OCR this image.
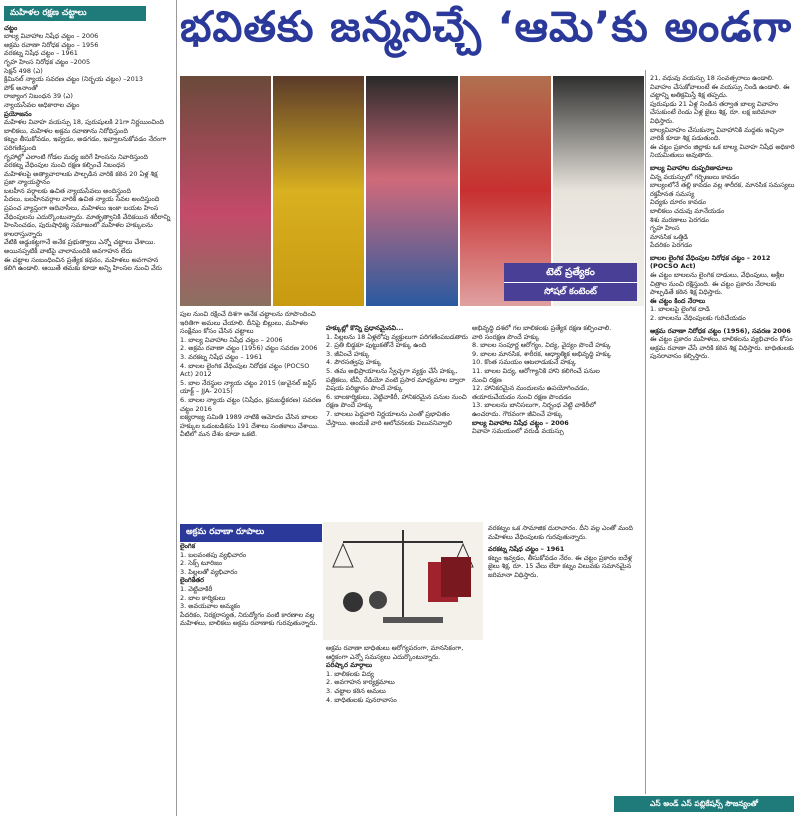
మహిళల రక్షణ చట్టాలు
చట్టం
బాల్య వివాహాల నిషేధ చట్టం – 2006
అక్రమ రవాణా నిరోధక చట్టం – 1956
వరకట్న నిషేధ చట్టం – 1961
గృహ హింస నిరోధక చట్టం –2005
సెక్షన్ 498 (ఎ)
క్రిమినల్ న్యాయ సవరణ చట్టం (నిర్భయ చట్టం) –2013
పోక్ అనాంతో
రాజ్యాంగ నిబంధన 39 (ఎ)
న్యాయసేవల అధికారాల చట్టం
ప్రయోజనం
మహిళల వివాహ వయస్సు 18, పురుషులకి 21గా నిర్ణయించింది
బాలికలు, మహిళల అక్రమ రవాణాను నిరోధిస్తుంది
కట్నం తీసుకోవడం, ఇవ్వడం, అడగడం, ఇవ్వాలనుకోవడం నేరంగా పరిగణిస్తుంది
గృహాల్లో ఎలాంటి గోడల మధ్య జరిగే హింసను నివారిస్తుంది
వరకట్న వేధింపుల నుంచి రక్షణ కల్పించే నిబంధన
మహిళలపై అత్యాచారాలకు పాల్పడిన వారికి కఠిన 20 ఏళ్ల శిక్ష
ప్రజా న్యాయస్థానం
బలహీన వర్గాలకు ఉచిత న్యాయసేవలు అందిస్తుంది
పేదలు, బలహీనవర్గాల వారికి ఉచిత న్యాయ సేవల అందిస్తుంది
ప్రపంచ వ్యాప్తంగా ఆదివాసీలు, మహిళలు ఇంకా బయట హింస వేధింపులను ఎదుర్కొంటున్నారు. మాతృత్వానికి వేదికయిన శరీరాన్ని హింసించడం, పురుషాధిక్య సమాజంలో మహిళల హక్కులను కాలరాస్తున్నారు
వేటికి అడ్డుకట్టగానే అనేక ప్రభుత్వాలు ఎన్నో చట్టాలు చేశాయి. అయినప్పటికీ వాటిపై చాలామందికి అవగాహన లేదు
ఈ చట్టాల సంబంధించిన ప్రత్యేక కథనం, మహిళలు అవగాహన కలిగి ఉండాలి. ఆయితే తమకు కూడా అన్ని హింసల నుంచి వేరు
భవితకు జన్మనిచ్చే ‘ఆమె’కు అండగా
టెట్ ప్రత్యేకం
సోషల్ కంటెంట్
పుల నుంచి రక్షించే దిశగా అనేక చట్టాలను రూపొందించి ఇరితిగా అమలు చేయాలి. దీనిపై బిల్లులు, మహిళల సంక్షేమం కోసం చేసిన చట్టాలు
1. బాల్య వివాహాల నిషేధ చట్టం – 2006
2. అక్రమ రవాణా చట్టం (1956) చట్టం సవరణ 2006
3. వరకట్న నిషేధ చట్టం – 1961
4. బాలల లైంగిక వేధింపుల నిరోధక చట్టం (POCSO Act) 2012
5. బాల నేరస్థుల న్యాయ చట్టం 2015 (జువైనల్ జస్టిస్ యాక్ట్ – JJA- 2015)
6. బాలల న్యాయ చట్టం (నిషేధం, క్రమబద్ధీకరణ) సవరణ చట్టం 2016
ఐక్యరాజ్య సమితి 1989 నాటికి ఆమోదం చేసిన బాలల హక్కుల ఒడంబడికను 191 దేశాలు సంతకాలు చేశాయి. వీటిలో మన దేశం కూడా ఒకటి.
హక్కుల్లో కొన్ని ప్రధానమైనవి...
1. పిల్లలను 18 ఏళ్లలోపు వ్యక్తులుగా పరిగణింపబడతారు
2. ప్రతి బిడ్డకూ పుట్టుకతోనే హక్కు ఉంది
3. జీవించే హక్కు
4. పౌరసత్వపు హక్కు
5. తమ అభిప్రాయాలను స్వేచ్ఛగా వ్యక్తం చేసే హక్కు, పత్రికలు, టీవీ, రేడియో వంటి ప్రసార మాధ్యమాల ద్వారా విషయ పరిజ్ఞానం పొందే హక్కు
6. బాలకార్మికులు, వెట్టిచాకిరీ, హానికరమైన పనుల నుంచి రక్షణ పొందే హక్కు
7. బాలలు పెద్దవారి నిర్ణయాలను ఎంతో ప్రభావితం చేస్తాయి. అందుకే వారి ఆలోచనలకు విలువనివ్వాలి
అభివృద్ధి దశలో గల బాలికలకు ప్రత్యేక రక్షణ కల్పించాలి. వారి సంరక్షణ పొందే హక్కు
8. బాలల సంపూర్ణ ఆరోగ్యం, విద్య, వైద్యం పొందే హక్కు
9. బాలల మానసిక, శారీరక, ఆధ్యాత్మిక అభివృద్ధి హక్కు
10. కొంత సమయం ఆటలాడుకునే హక్కు
11. బాలల విద్య, ఆరోగ్యానికి హాని కలిగించే పనుల నుంచి రక్షణ
12. హానికరమైన మందులను ఉపయోగించడం, తయారుచేయడం నుంచి రక్షణ పొందడం
13. బాలలను బానిసలుగా, నిర్బంధ వెట్టి చాకిరీలో ఉంచరాదు. గౌరవంగా జీవించే హక్కు
బాల్య వివాహాల నిషేధ చట్టం – 2006
వివాహ సమయంలో వరుడి వయస్సు
21, వధువు వయస్సు 18 సంవత్సరాలు ఉండాలి. వివాహం చేసుకోవాలంటే ఈ వయస్సు నిండి ఉండాలి. ఈ చట్టాన్ని అతిక్రమిస్తే శిక్ష తప్పదు.
పురుషుడు 21 ఏళ్ల నిండిన తర్వాత బాల్య వివాహం చేసుకుంటే రెండు ఏళ్ల జైలు శిక్ష, రూ. లక్ష జరిమానా విధిస్తారు.
బాల్యవివాహం చేసుకున్నా వివాహానికి మద్దతు ఇచ్చినా వారికి కూడా శిక్ష పడుతుంది.
ఈ చట్టం ప్రకారం జిల్లాకు ఒక బాల్య వివాహ నిషేధ అధికారి నియమితులు అవుతారు.
బాల్య వివాహాల దుష్పరిణామాలు
చిన్న వయస్సులో గర్భిణులు కావడం
బాల్యంలోనే తల్లి కావడం వల్ల శారీరక, మానసిక సమస్యలు
రక్తహీనత సమస్య
విద్యకు దూరం కావడం
బాలికలు చదువు మానేయడం
శిశు మరణాలు పెరగడం
గృహ హింస
మానసిక ఒత్తిడి
పేదరికం పెరగడం
బాలల లైంగిక వేధింపుల నిరోధక చట్టం – 2012 (POCSO Act)
ఈ చట్టం బాలలను లైంగిక దాడులు, వేధింపులు, అశ్లీల చిత్రాల నుంచి రక్షిస్తుంది. ఈ చట్టం ప్రకారం నేరాలకు పాల్పడితే కఠిన శిక్ష విధిస్తారు.
ఈ చట్టం కింద నేరాలు
1. బాలలపై లైంగిక దాడి
2. బాలలను వేధింపులకు గురిచేయడం
అక్రమ రవాణా నిరోధక చట్టం (1956), సవరణ 2006
ఈ చట్టం ప్రకారం మహిళలు, బాలికలను వ్యభిచారం కోసం అక్రమ రవాణా చేసే వారికి కఠిన శిక్ష విధిస్తారు. బాధితులకు పునరావాసం కల్పిస్తారు.
అక్రమ రవాణా రూపాలు
లైంగిక
1. బలవంతపు వ్యభిచారం
2. సెక్స్ టూరిజం
3. పిల్లలతో వ్యభిచారం
లైంగికేతర
1. వెట్టిచాకిరీ
2. బాల కార్మికులు
3. అవయవాల అమ్మకం
పేదరికం, నిరక్షరాస్యత, నిరుద్యోగం వంటి కారణాల వల్ల మహిళలు, బాలికలు అక్రమ రవాణాకు గురవుతున్నారు.
అక్రమ రవాణా బాధితులు ఆరోగ్యపరంగా, మానసికంగా, ఆర్థికంగా ఎన్నో సమస్యలు ఎదుర్కొంటున్నారు.
పరిష్కార మార్గాలు
1. బాలికలకు విద్య
2. అవగాహన కార్యక్రమాలు
3. చట్టాల కఠిన అమలు
4. బాధితులకు పునరావాసం
వరకట్నం ఒక సామాజిక దురాచారం. దీని వల్ల ఎంతో మంది మహిళలు వేధింపులకు గురవుతున్నారు.
వరకట్న నిషేధ చట్టం – 1961
కట్నం ఇవ్వడం, తీసుకోవడం నేరం. ఈ చట్టం ప్రకారం ఐదేళ్ల జైలు శిక్ష, రూ. 15 వేలు లేదా కట్నం విలువకు సమానమైన జరిమానా విధిస్తారు.
ఎస్ అండ్ ఎస్ పబ్లికేషన్స్ సౌజన్యంతో
